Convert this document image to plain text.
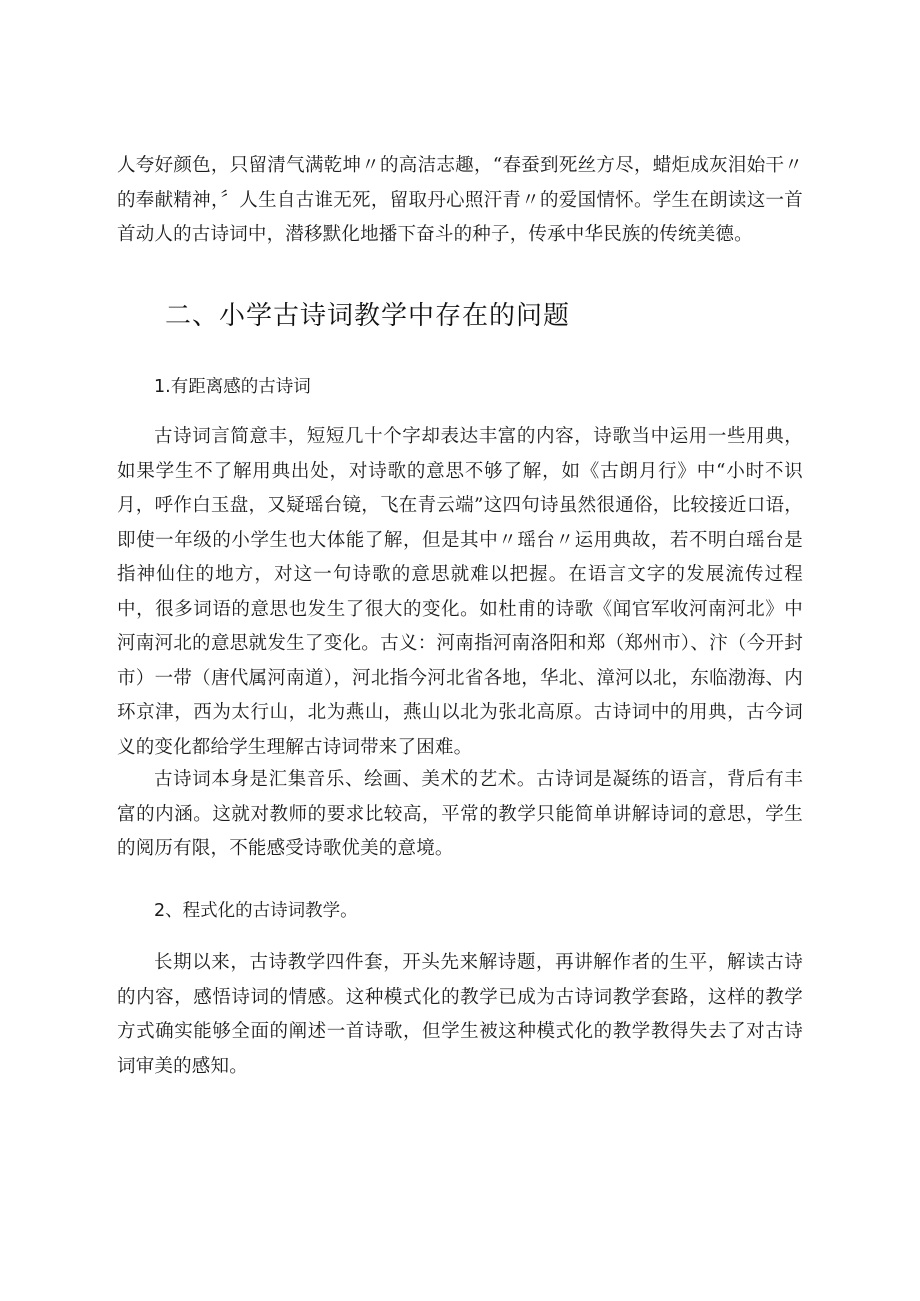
人夸好颜色，只留清气满乾坤〃的高洁志趣，“春蚕到死丝方尽，蜡炬成灰泪始干〃的奉献精神，〞人生自古谁无死，留取丹心照汗青〃的爱国情怀。学生在朗读这一首首动人的古诗词中，潜移默化地播下奋斗的种子，传承中华民族的传统美德。

二、小学古诗词教学中存在的问题
1.有距离感的古诗词

古诗词言简意丰，短短几十个字却表达丰富的内容，诗歌当中运用一些用典，如果学生不了解用典出处，对诗歌的意思不够了解，如《古朗月行》中“小时不识月，呼作白玉盘，又疑瑶台镜，飞在青云端”这四句诗虽然很通俗，比较接近口语，即使一年级的小学生也大体能了解，但是其中〃瑶台〃运用典故，若不明白瑶台是指神仙住的地方，对这一句诗歌的意思就难以把握。在语言文字的发展流传过程中，很多词语的意思也发生了很大的变化。如杜甫的诗歌《闻官军收河南河北》中河南河北的意思就发生了变化。古义：河南指河南洛阳和郑（郑州市）、汴（今开封市）一带（唐代属河南道），河北指今河北省各地，华北、漳河以北，东临渤海、内环京津，西为太行山，北为燕山，燕山以北为张北高原。古诗词中的用典，古今词义的变化都给学生理解古诗词带来了困难。

古诗词本身是汇集音乐、绘画、美术的艺术。古诗词是凝练的语言，背后有丰富的内涵。这就对教师的要求比较高，平常的教学只能简单讲解诗词的意思，学生的阅历有限，不能感受诗歌优美的意境。

2、程式化的古诗词教学。

长期以来，古诗教学四件套，开头先来解诗题，再讲解作者的生平，解读古诗的内容，感悟诗词的情感。这种模式化的教学已成为古诗词教学套路，这样的教学方式确实能够全面的阐述一首诗歌，但学生被这种模式化的教学教得失去了对古诗词审美的感知。
